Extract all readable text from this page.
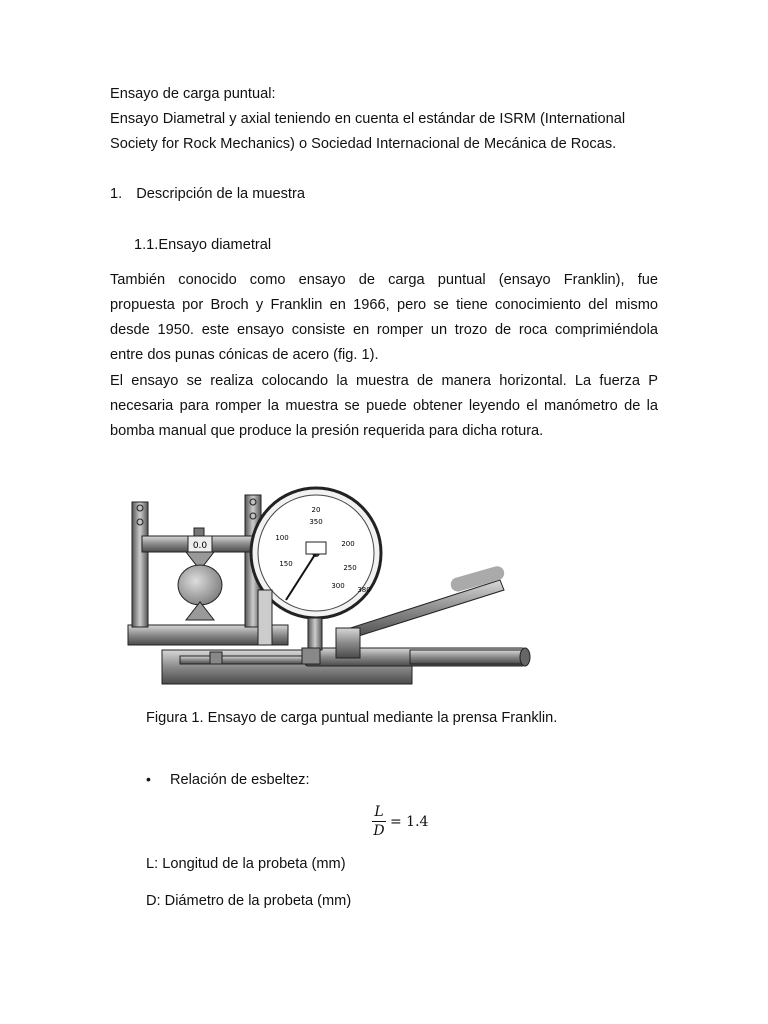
Ensayo de carga puntual:
Ensayo Diametral y axial teniendo en cuenta el estándar de ISRM (International
Society for Rock Mechanics) o Sociedad Internacional de Mecánica de Rocas.
1. Descripción de la muestra
1.1.Ensayo diametral
También conocido como ensayo de carga puntual (ensayo Franklin), fue
propuesta por Broch y Franklin en 1966, pero se tiene conocimiento del mismo
desde 1950. este ensayo consiste en romper un trozo de roca comprimiéndola
entre dos punas cónicas de acero (fig. 1).
El ensayo se realiza colocando la muestra de manera horizontal. La fuerza P
necesaria para romper la muestra se puede obtener leyendo el manómetro de la
bomba manual que produce la presión requerida para dicha rotura.
0.0
20
100
150
200
250
300
350
380
Figura 1. Ensayo de carga puntual mediante la prensa Franklin.
• Relación de esbeltez:
$\frac{L}{D} = 1.4$
L: Longitud de la probeta (mm)
D: Diámetro de la probeta (mm)
